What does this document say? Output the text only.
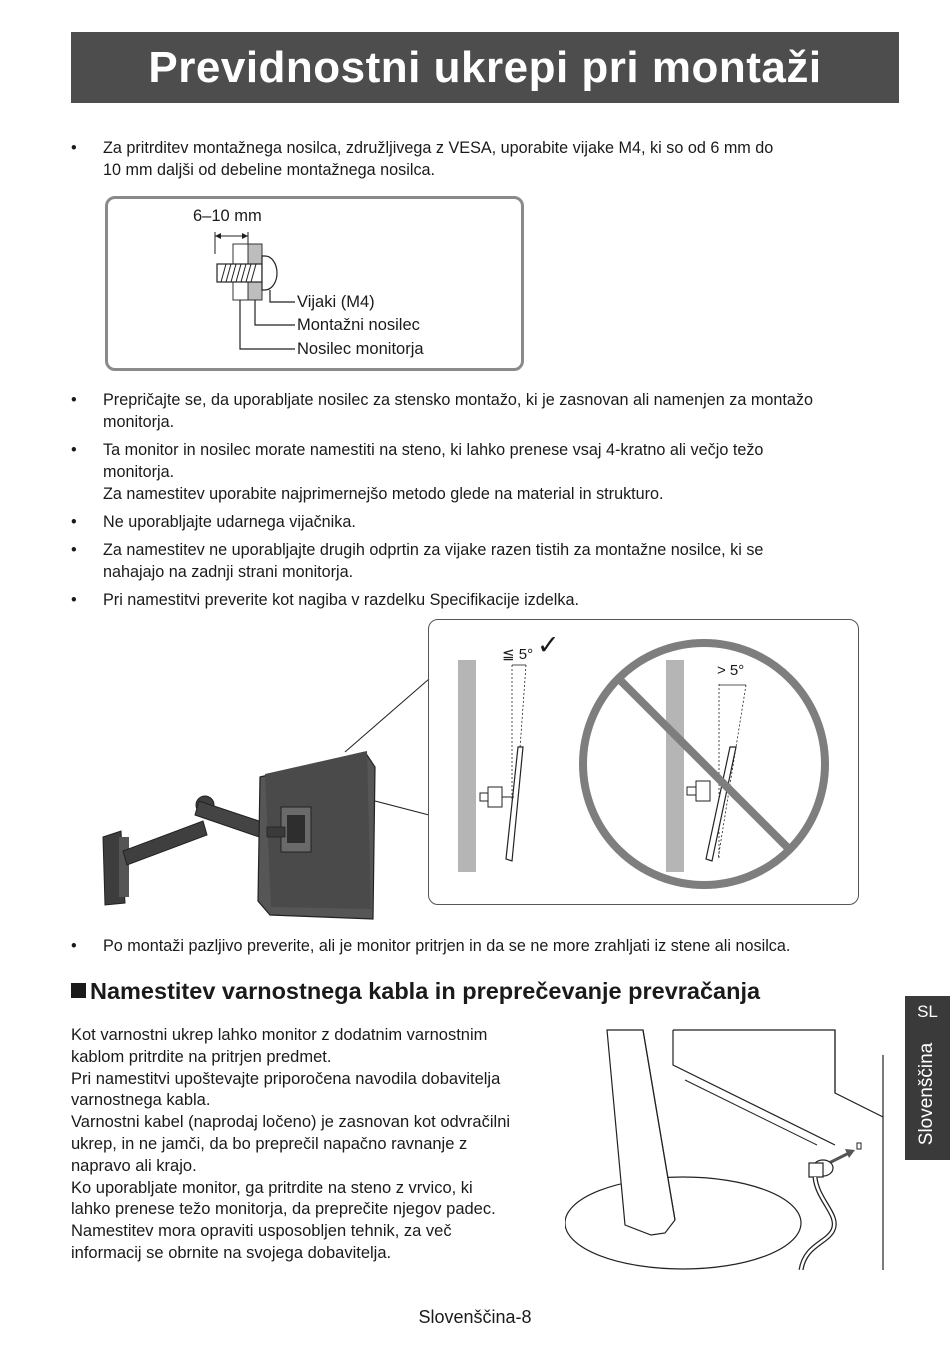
Previdnostni ukrepi pri montaži
•	Za pritrditev montažnega nosilca, združljivega z VESA, uporabite vijake M4, ki so od 6 mm do
10 mm daljši od debeline montažnega nosilca.
6–10 mm
Vijaki (M4)
Montažni nosilec
Nosilec monitorja
•	Prepričajte se, da uporabljate nosilec za stensko montažo, ki je zasnovan ali namenjen za montažo
monitorja.
•	Ta monitor in nosilec morate namestiti na steno, ki lahko prenese vsaj 4-kratno ali večjo težo
monitorja.
Za namestitev uporabite najprimernejšo metodo glede na material in strukturo.
•	Ne uporabljajte udarnega vijačnika.
•	Za namestitev ne uporabljajte drugih odprtin za vijake razen tistih za montažne nosilce, ki se
nahajajo na zadnji strani monitorja.
•	Pri namestitvi preverite kot nagiba v razdelku Specifikacije izdelka.
≦ 5° ✓
> 5°
•	Po montaži pazljivo preverite, ali je monitor pritrjen in da se ne more zrahljati iz stene ali nosilca.
Namestitev varnostnega kabla in preprečevanje prevračanja
Kot varnostni ukrep lahko monitor z dodatnim varnostnim
kablom pritrdite na pritrjen predmet.
Pri namestitvi upoštevajte priporočena navodila dobavitelja
varnostnega kabla.
Varnostni kabel (naprodaj ločeno) je zasnovan kot odvračilni
ukrep, in ne jamči, da bo preprečil napačno ravnanje z
napravo ali krajo.
Ko uporabljate monitor, ga pritrdite na steno z vrvico, ki
lahko prenese težo monitorja, da preprečite njegov padec.
Namestitev mora opraviti usposobljen tehnik, za več
informacij se obrnite na svojega dobavitelja.
SL
Slovenščina
Slovenščina-8
